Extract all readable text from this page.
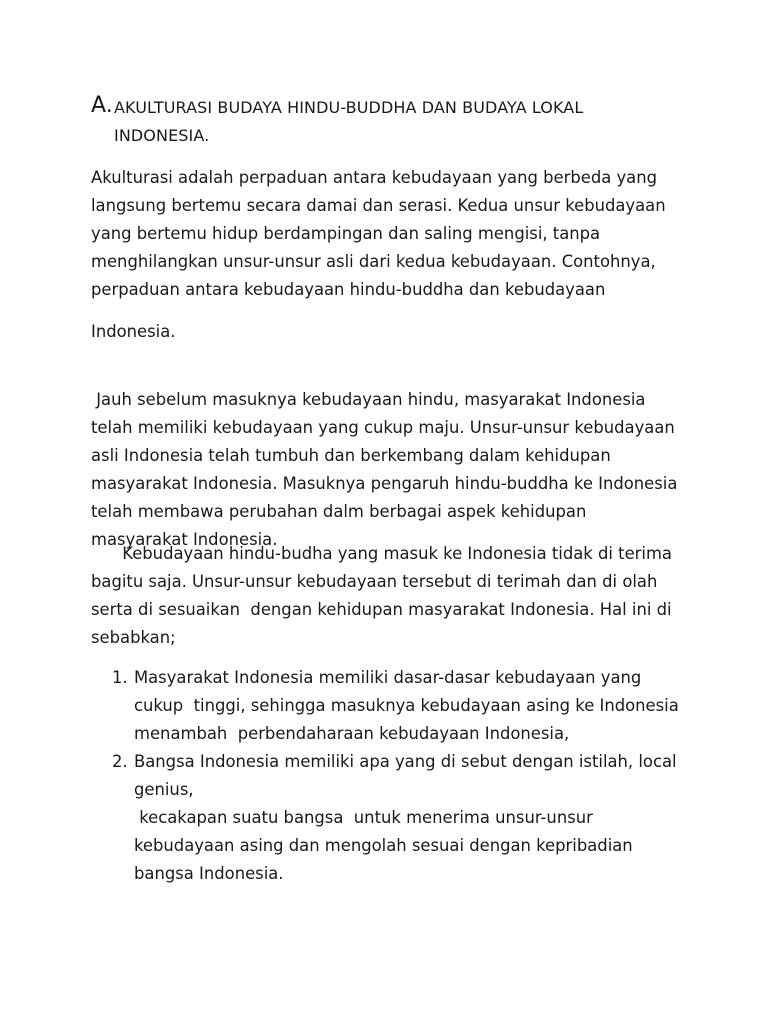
A. AKULTURASI BUDAYA HINDU-BUDDHA DAN BUDAYA LOKAL
INDONESIA.

Akulturasi adalah perpaduan antara kebudayaan yang berbeda yang
langsung bertemu secara damai dan serasi. Kedua unsur kebudayaan
yang bertemu hidup berdampingan dan saling mengisi, tanpa
menghilangkan unsur-unsur asli dari kedua kebudayaan. Contohnya,
perpaduan antara kebudayaan hindu-buddha dan kebudayaan

Indonesia.

Jauh sebelum masuknya kebudayaan hindu, masyarakat Indonesia
telah memiliki kebudayaan yang cukup maju. Unsur-unsur kebudayaan
asli Indonesia telah tumbuh dan berkembang dalam kehidupan
masyarakat Indonesia. Masuknya pengaruh hindu-buddha ke Indonesia
telah membawa perubahan dalm berbagai aspek kehidupan
masyarakat Indonesia.

Kebudayaan hindu-budha yang masuk ke Indonesia tidak di terima
bagitu saja. Unsur-unsur kebudayaan tersebut di terimah dan di olah
serta di sesuaikan  dengan kehidupan masyarakat Indonesia. Hal ini di
sebabkan;

1. Masyarakat Indonesia memiliki dasar-dasar kebudayaan yang
cukup  tinggi, sehingga masuknya kebudayaan asing ke Indonesia
menambah  perbendaharaan kebudayaan Indonesia,
2. Bangsa Indonesia memiliki apa yang di sebut dengan istilah, local
genius,
kecakapan suatu bangsa  untuk menerima unsur-unsur
kebudayaan asing dan mengolah sesuai dengan kepribadian
bangsa Indonesia.
